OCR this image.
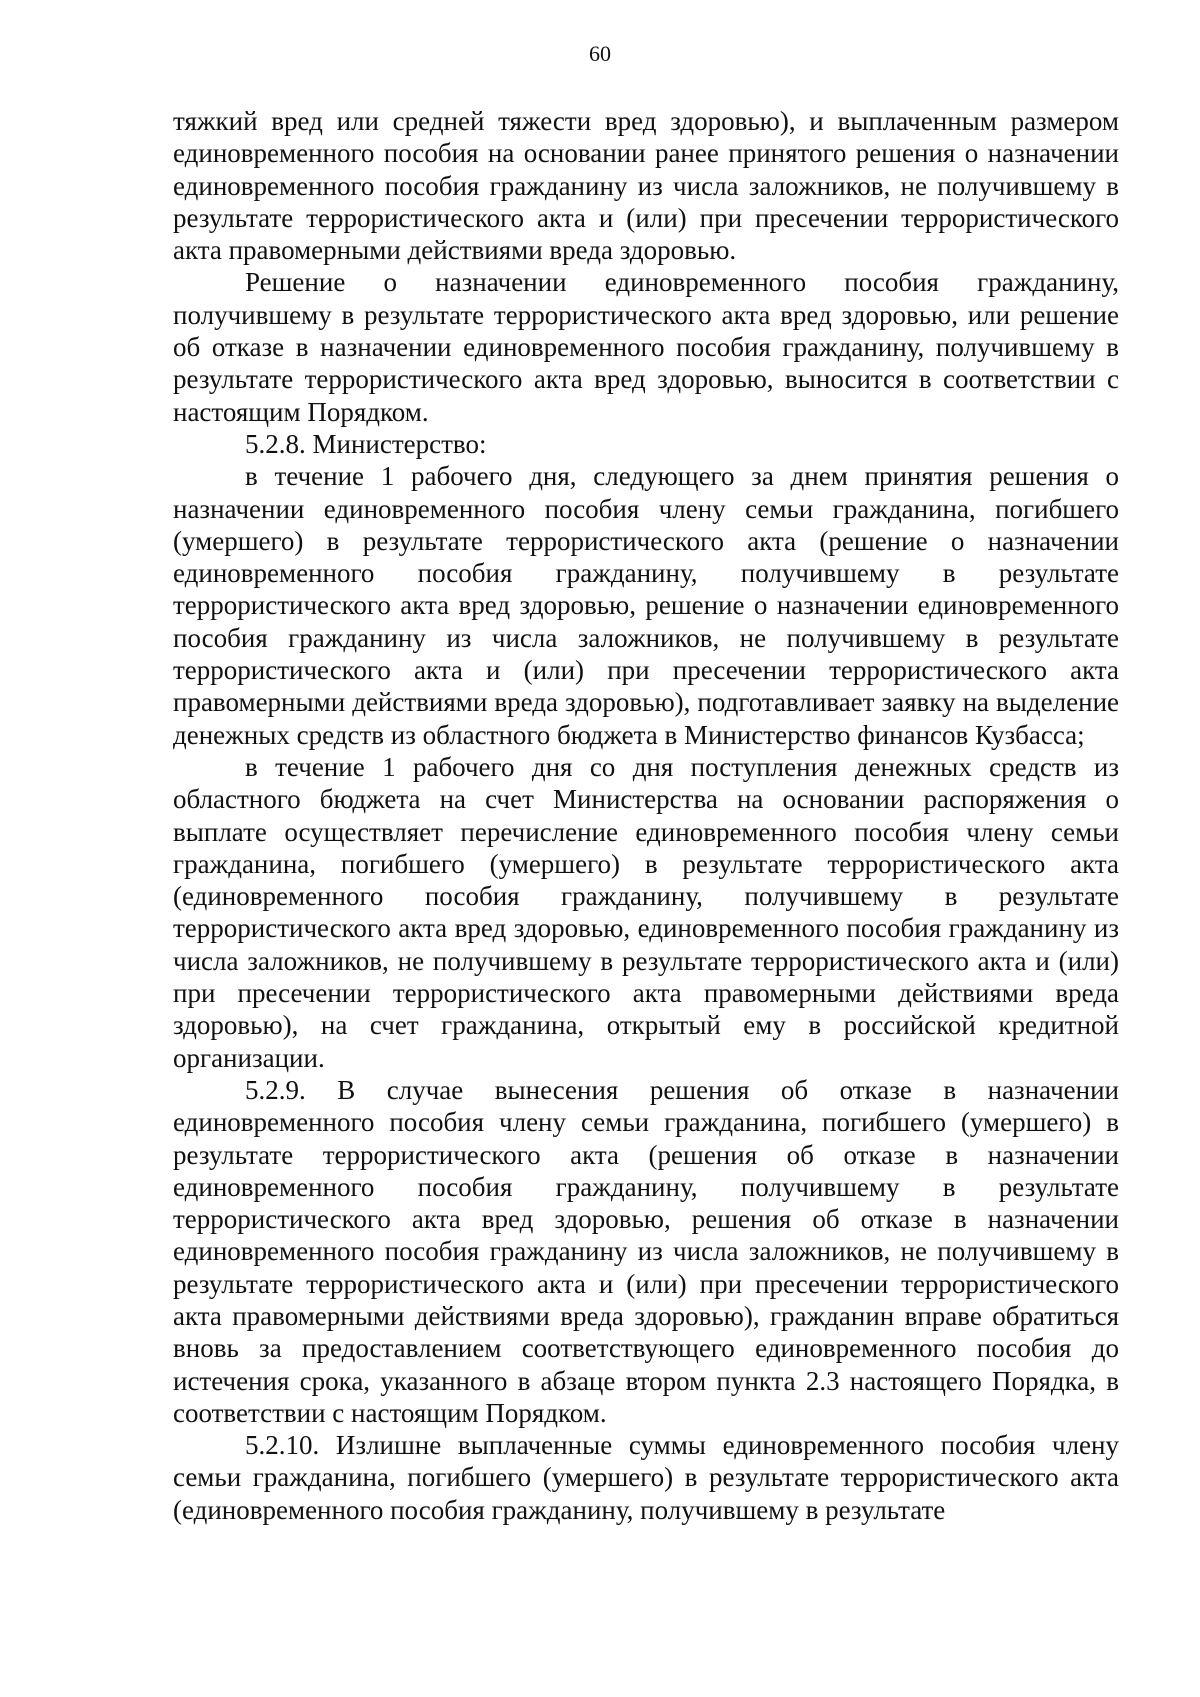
60

тяжкий вред или средней тяжести вред здоровью), и выплаченным размером единовременного пособия на основании ранее принятого решения о назначении единовременного пособия гражданину из числа заложников, не получившему в результате террористического акта и (или) при пресечении террористического акта правомерными действиями вреда здоровью.

Решение о назначении единовременного пособия гражданину, получившему в результате террористического акта вред здоровью, или решение об отказе в назначении единовременного пособия гражданину, получившему в результате террористического акта вред здоровью, выносится в соответствии с настоящим Порядком.

5.2.8. Министерство:

в течение 1 рабочего дня, следующего за днем принятия решения о назначении единовременного пособия члену семьи гражданина, погибшего (умершего) в результате террористического акта (решение о назначении единовременного пособия гражданину, получившему в результате террористического акта вред здоровью, решение о назначении единовременного пособия гражданину из числа заложников, не получившему в результате террористического акта и (или) при пресечении террористического акта правомерными действиями вреда здоровью), подготавливает заявку на выделение денежных средств из областного бюджета в Министерство финансов Кузбасса;

в течение 1 рабочего дня со дня поступления денежных средств из областного бюджета на счет Министерства на основании распоряжения о выплате осуществляет перечисление единовременного пособия члену семьи гражданина, погибшего (умершего) в результате террористического акта (единовременного пособия гражданину, получившему в результате террористического акта вред здоровью, единовременного пособия гражданину из числа заложников, не получившему в результате террористического акта и (или) при пресечении террористического акта правомерными действиями вреда здоровью), на счет гражданина, открытый ему в российской кредитной организации.

5.2.9. В случае вынесения решения об отказе в назначении единовременного пособия члену семьи гражданина, погибшего (умершего) в результате террористического акта (решения об отказе в назначении единовременного пособия гражданину, получившему в результате террористического акта вред здоровью, решения об отказе в назначении единовременного пособия гражданину из числа заложников, не получившему в результате террористического акта и (или) при пресечении террористического акта правомерными действиями вреда здоровью), гражданин вправе обратиться вновь за предоставлением соответствующего единовременного пособия до истечения срока, указанного в абзаце втором пункта 2.3 настоящего Порядка, в соответствии с настоящим Порядком.

5.2.10. Излишне выплаченные суммы единовременного пособия члену семьи гражданина, погибшего (умершего) в результате террористического акта (единовременного пособия гражданину, получившему в результате
